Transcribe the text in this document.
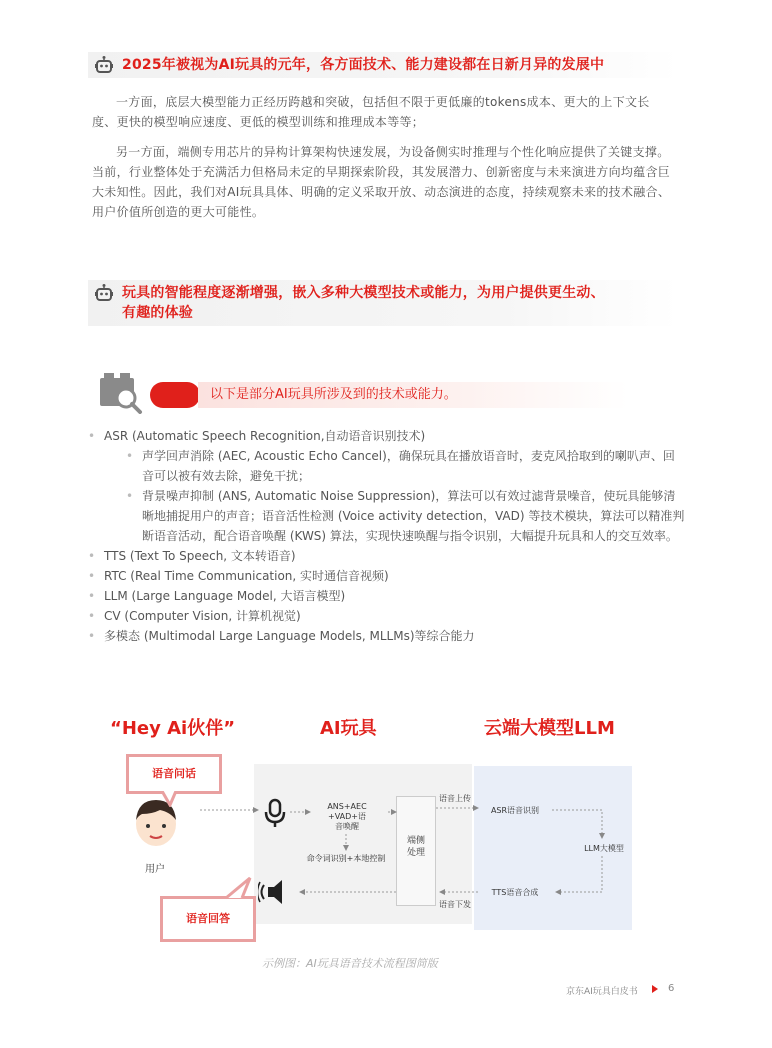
2025年被视为AI玩具的元年，各方面技术、能力建设都在日新月异的发展中
一方面，底层大模型能力正经历跨越和突破，包括但不限于更低廉的tokens成本、更大的上下文长度、更快的模型响应速度、更低的模型训练和推理成本等等；
另一方面，端侧专用芯片的异构计算架构快速发展，为设备侧实时推理与个性化响应提供了关键支撑。当前，行业整体处于充满活力但格局未定的早期探索阶段，其发展潜力、创新密度与未来演进方向均蕴含巨大未知性。因此，我们对AI玩具具体、明确的定义采取开放、动态演进的态度，持续观察未来的技术融合、用户价值所创造的更大可能性。
玩具的智能程度逐渐增强，嵌入多种大模型技术或能力，为用户提供更生动、
有趣的体验
以下是部分AI玩具所涉及到的技术或能力。
• ASR (Automatic Speech Recognition,自动语音识别技术)
• 声学回声消除 (AEC, Acoustic Echo Cancel)，确保玩具在播放语音时，麦克风拾取到的喇叭声、回音可以被有效去除，避免干扰；
• 背景噪声抑制 (ANS, Automatic Noise Suppression)，算法可以有效过滤背景噪音，使玩具能够清晰地捕捉用户的声音；语音活性检测 (Voice activity detection，VAD) 等技术模块，算法可以精准判断语音活动，配合语音唤醒 (KWS) 算法，实现快速唤醒与指令识别，大幅提升玩具和人的交互效率。
• TTS (Text To Speech, 文本转语音)
• RTC (Real Time Communication, 实时通信音视频)
• LLM (Large Language Model, 大语言模型)
• CV (Computer Vision, 计算机视觉)
• 多模态 (Multimodal Large Language Models, MLLMs)等综合能力
“Hey Ai伙伴”	AI玩具	云端大模型LLM
端侧
处理
用户
语音问话
语音回答
ANS+AEC
+VAD+语
音唤醒
命令词识别+本地控制
ASR语音识别
LLM大模型
TTS语音合成
语音上传
语音下发
示例图：AI玩具语音技术流程图简版
京东AI玩具白皮书	6
